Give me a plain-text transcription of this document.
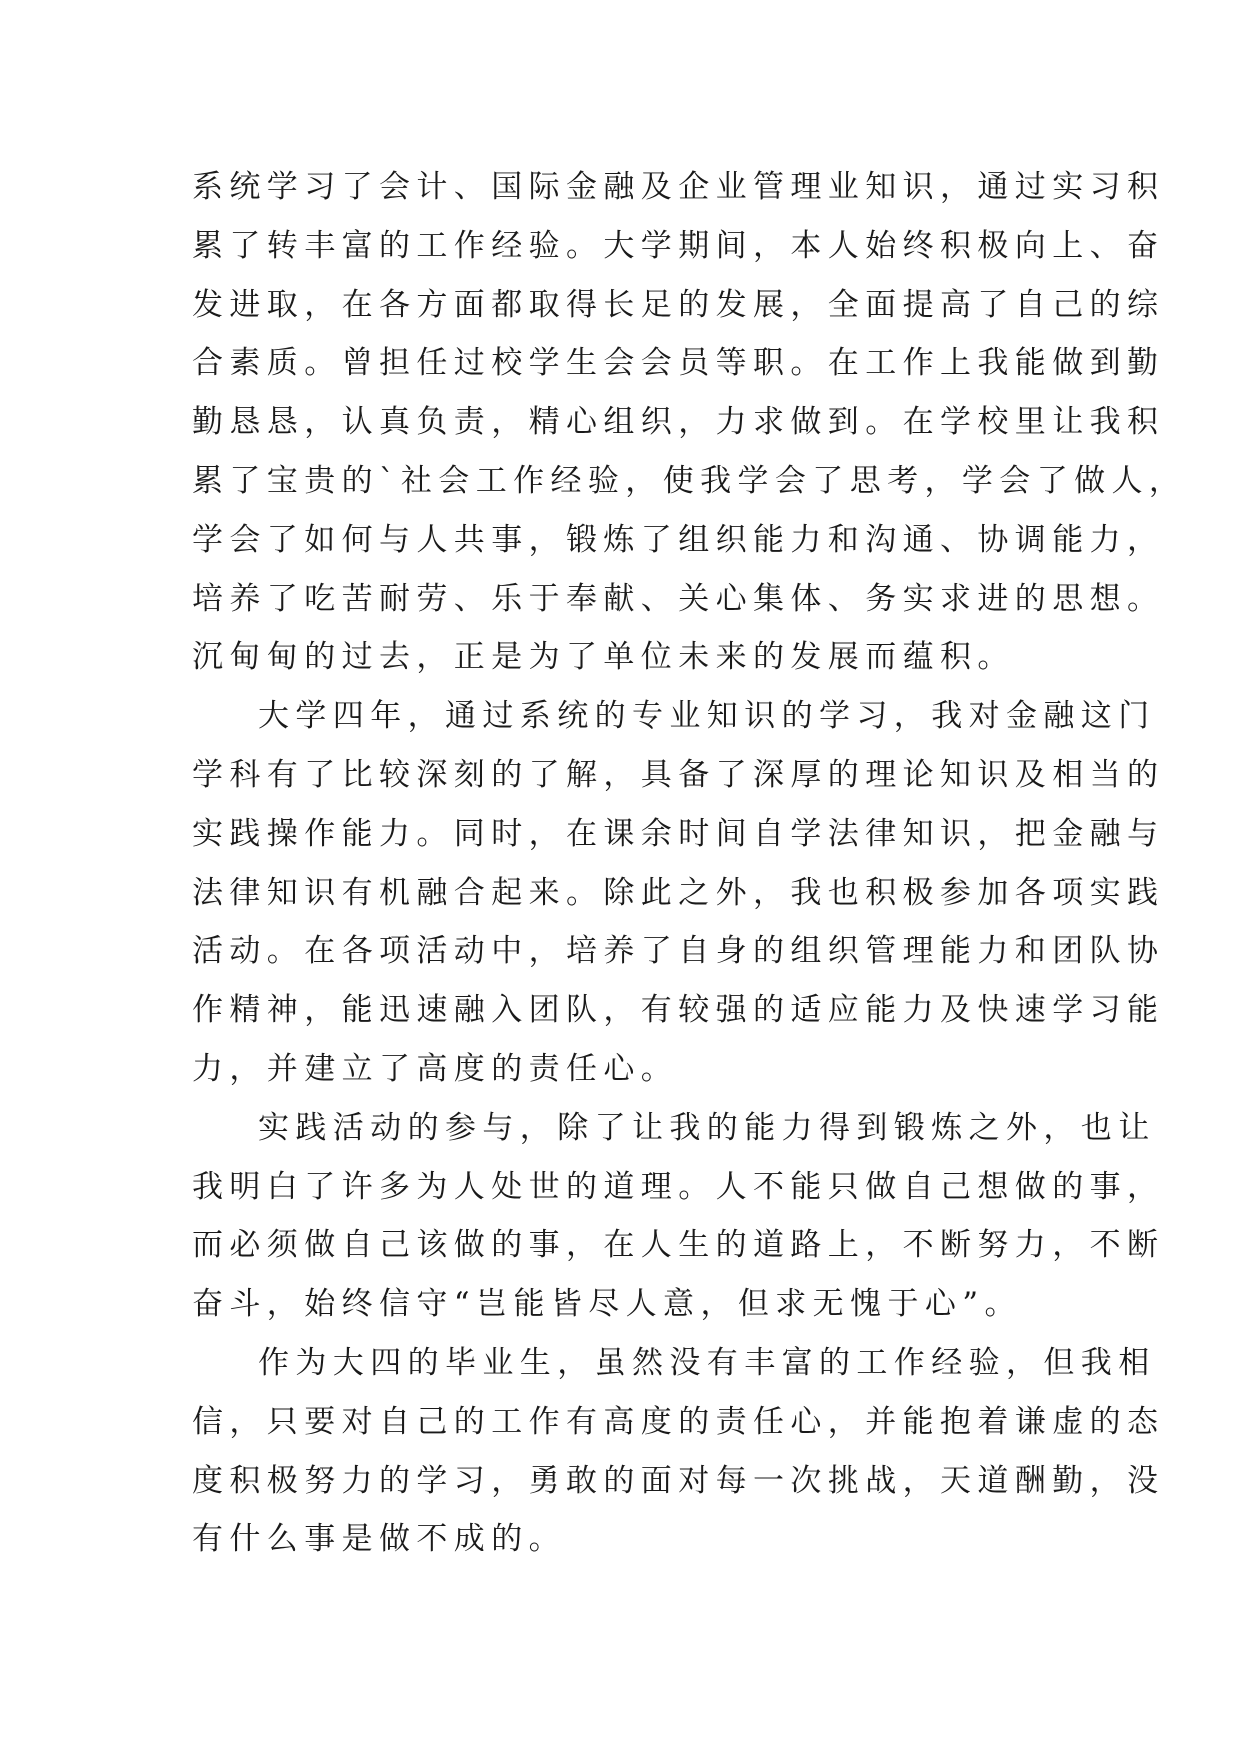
系统学习了会计、国际金融及企业管理业知识，通过实习积
累了转丰富的工作经验。大学期间，本人始终积极向上、奋
发进取，在各方面都取得长足的发展，全面提高了自己的综
合素质。曾担任过校学生会会员等职。在工作上我能做到勤
勤恳恳，认真负责，精心组织，力求做到。在学校里让我积
累了宝贵的`社会工作经验，使我学会了思考，学会了做人，
学会了如何与人共事，锻炼了组织能力和沟通、协调能力，
培养了吃苦耐劳、乐于奉献、关心集体、务实求进的思想。
沉甸甸的过去，正是为了单位未来的发展而蕴积。
大学四年，通过系统的专业知识的学习，我对金融这门
学科有了比较深刻的了解，具备了深厚的理论知识及相当的
实践操作能力。同时，在课余时间自学法律知识，把金融与
法律知识有机融合起来。除此之外，我也积极参加各项实践
活动。在各项活动中，培养了自身的组织管理能力和团队协
作精神，能迅速融入团队，有较强的适应能力及快速学习能
力，并建立了高度的责任心。
实践活动的参与，除了让我的能力得到锻炼之外，也让
我明白了许多为人处世的道理。人不能只做自己想做的事，
而必须做自己该做的事，在人生的道路上，不断努力，不断
奋斗，始终信守“岂能皆尽人意，但求无愧于心”。
作为大四的毕业生，虽然没有丰富的工作经验，但我相
信，只要对自己的工作有高度的责任心，并能抱着谦虚的态
度积极努力的学习，勇敢的面对每一次挑战，天道酬勤，没
有什么事是做不成的。
